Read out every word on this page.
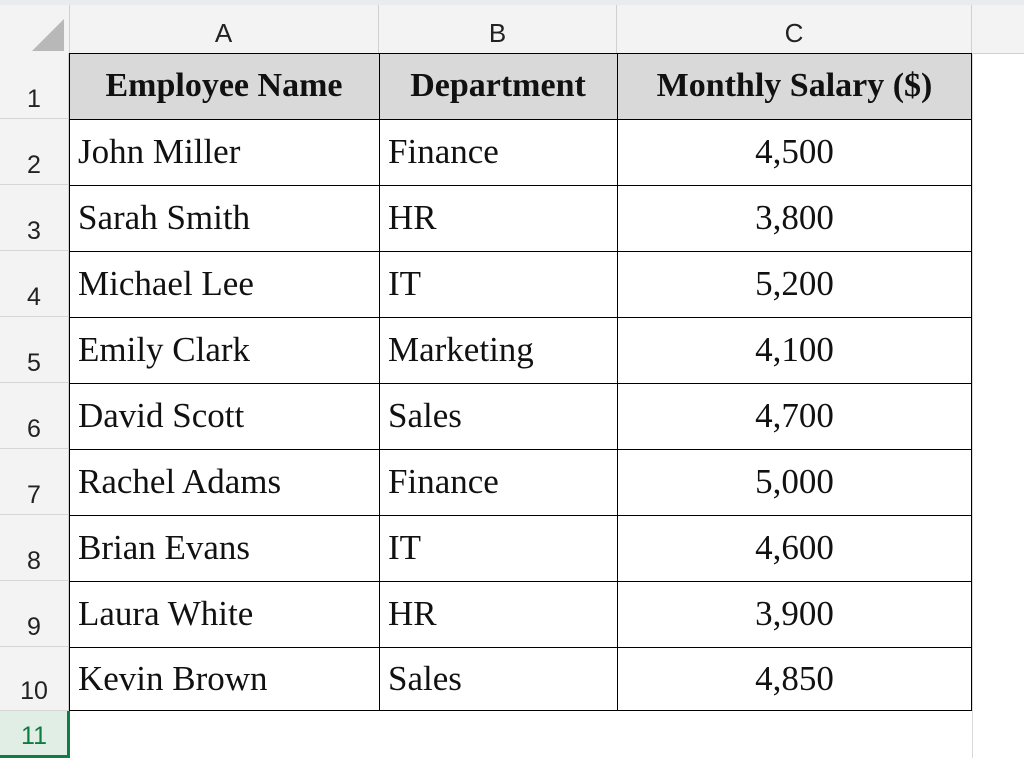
A	B	C
1
2
3
4
5
6
7
8
9
10
11
Employee Name	Department	Monthly Salary ($)
John Miller	Finance	4,500
Sarah Smith	HR	3,800
Michael Lee	IT	5,200
Emily Clark	Marketing	4,100
David Scott	Sales	4,700
Rachel Adams	Finance	5,000
Brian Evans	IT	4,600
Laura White	HR	3,900
Kevin Brown	Sales	4,850
